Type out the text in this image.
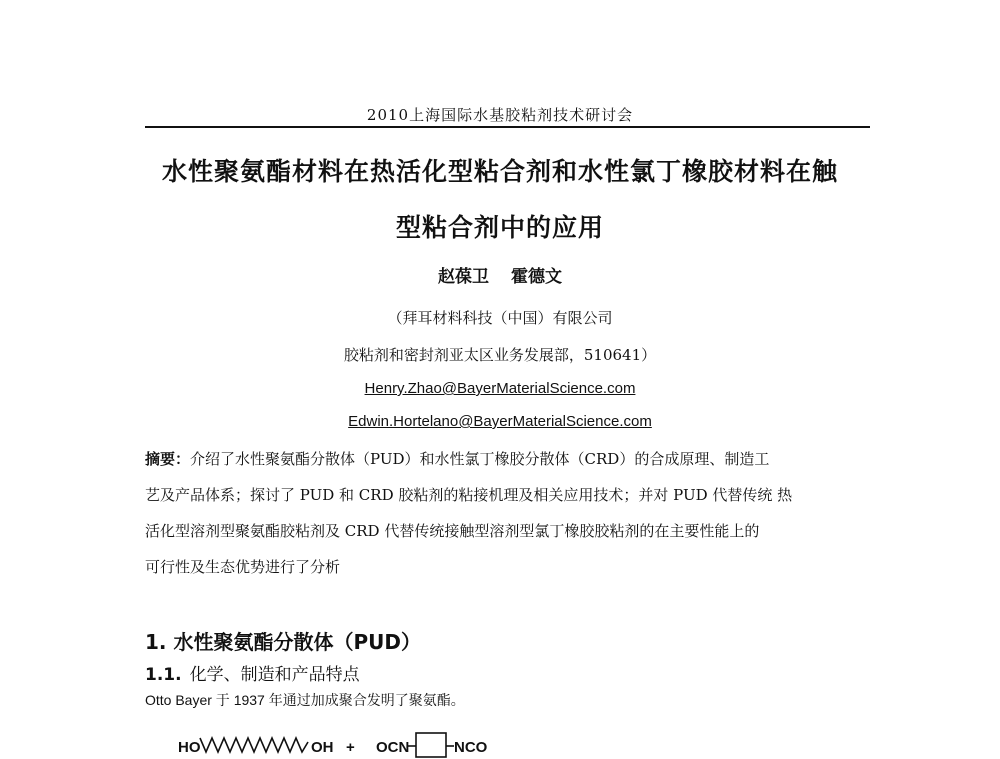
2010上海国际水基胶粘剂技术研讨会
水性聚氨酯材料在热活化型粘合剂和水性氯丁橡胶材料在触
型粘合剂中的应用
赵葆卫 霍德文
（拜耳材料科技（中国）有限公司
胶粘剂和密封剂亚太区业务发展部，510641）
Henry.Zhao@BayerMaterialScience.com
Edwin.Hortelano@BayerMaterialScience.com

摘要：介绍了水性聚氨酯分散体（PUD）和水性氯丁橡胶分散体（CRD）的合成原理、制造工

艺及产品体系；探讨了 PUD 和 CRD 胶粘剂的粘接机理及相关应用技术；并对 PUD 代替传统 热

活化型溶剂型聚氨酯胶粘剂及 CRD 代替传统接触型溶剂型氯丁橡胶胶粘剂的在主要性能上的

可行性及生态优势进行了分析

1. 水性聚氨酯分散体（PUD）
1.1. 化学、制造和产品特点
Otto Bayer 于 1937 年通过加成聚合发明了聚氨酯。
HO	OH + OCN	NCO
